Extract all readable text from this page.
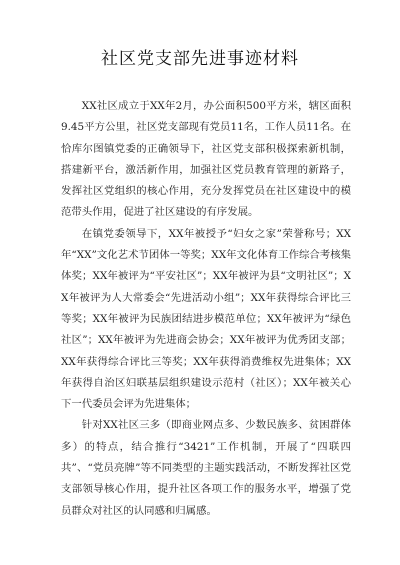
社区党支部先进事迹材料

XX社区成立于XX年2月，办公面积500平方米，辖区面积9.45平方公里，社区党支部现有党员11名，工作人员11名。在恰库尔图镇党委的正确领导下，社区党支部积极探索新机制，搭建新平台，激活新作用，加强社区党员教育管理的新路子，发挥社区党组织的核心作用，充分发挥党员在社区建设中的模范带头作用，促进了社区建设的有序发展。

在镇党委领导下，XX年被授予“妇女之家”荣誉称号；XX年“XX”文化艺术节团体一等奖；XX年文化体育工作综合考核集体奖；XX年被评为“平安社区”；XX年被评为县“文明社区”；XX年被评为人大常委会“先进活动小组”；XX年获得综合评比三等奖；XX年被评为民族团结进步模范单位；XX年被评为“绿色社区”；XX年被评为先进商会协会；XX年被评为优秀团支部；XX年获得综合评比三等奖；XX年获得消费维权先进集体；XX年获得自治区妇联基层组织建设示范村（社区）；XX年被关心下一代委员会评为先进集体；

针对XX社区三多（即商业网点多、少数民族多、贫困群体多）的特点，结合推行“3421”工作机制，开展了“四联四共”、“党员亮牌”等不同类型的主题实践活动，不断发挥社区党支部领导核心作用，提升社区各项工作的服务水平，增强了党员群众对社区的认同感和归属感。
